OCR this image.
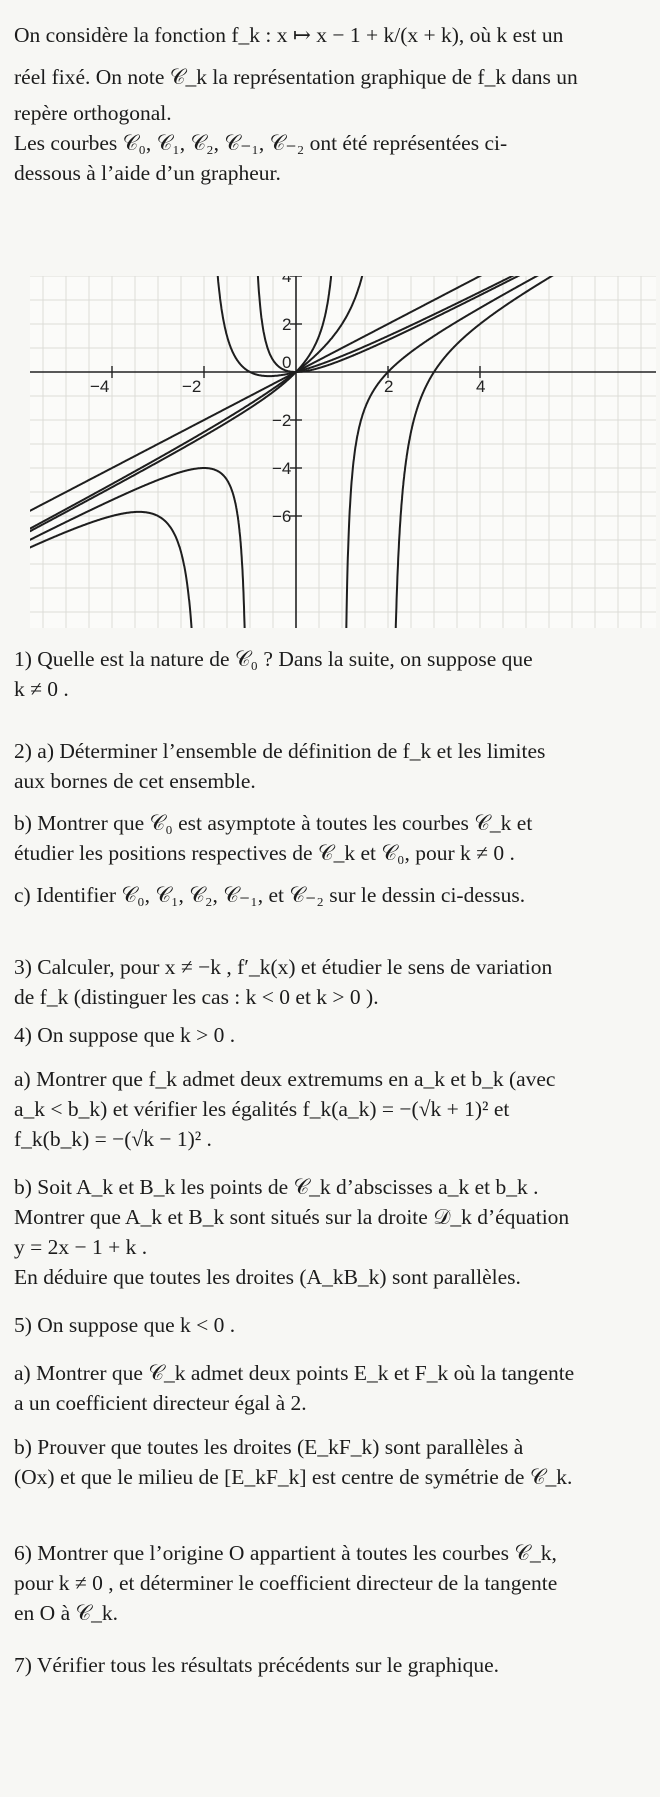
On considère la fonction f_k : x ↦ x − 1 + k/(x + k), où k est un

réel fixé. On note 𝒞_k la représentation graphique de f_k dans un

repère orthogonal.

Les courbes 𝒞₀, 𝒞₁, 𝒞₂, 𝒞₋₁, 𝒞₋₂ ont été représentées ci-

dessous à l’aide d’un grapheur.

−4	−2	2	4
4
2
0
−2
−4
−6

1) Quelle est la nature de 𝒞₀ ? Dans la suite, on suppose que

k ≠ 0 .

2) a) Déterminer l’ensemble de définition de f_k et les limites

aux bornes de cet ensemble.

b) Montrer que 𝒞₀ est asymptote à toutes les courbes 𝒞_k et

étudier les positions respectives de 𝒞_k et 𝒞₀, pour k ≠ 0 .

c) Identifier 𝒞₀, 𝒞₁, 𝒞₂, 𝒞₋₁, et 𝒞₋₂ sur le dessin ci-dessus.

3) Calculer, pour x ≠ −k , f′_k(x) et étudier le sens de variation

de f_k (distinguer les cas : k < 0 et k > 0 ).

4) On suppose que k > 0 .

a) Montrer que f_k admet deux extremums en a_k et b_k (avec

a_k < b_k) et vérifier les égalités f_k(a_k) = −(√k + 1)² et

f_k(b_k) = −(√k − 1)² .

b) Soit A_k et B_k les points de 𝒞_k d’abscisses a_k et b_k .

Montrer que A_k et B_k sont situés sur la droite 𝒟_k d’équation

y = 2x − 1 + k .

En déduire que toutes les droites (A_kB_k) sont parallèles.

5) On suppose que k < 0 .

a) Montrer que 𝒞_k admet deux points E_k et F_k où la tangente

a un coefficient directeur égal à 2.

b) Prouver que toutes les droites (E_kF_k) sont parallèles à

(Ox) et que le milieu de [E_kF_k] est centre de symétrie de 𝒞_k.

6) Montrer que l’origine O appartient à toutes les courbes 𝒞_k,

pour k ≠ 0 , et déterminer le coefficient directeur de la tangente

en O à 𝒞_k.

7) Vérifier tous les résultats précédents sur le graphique.
